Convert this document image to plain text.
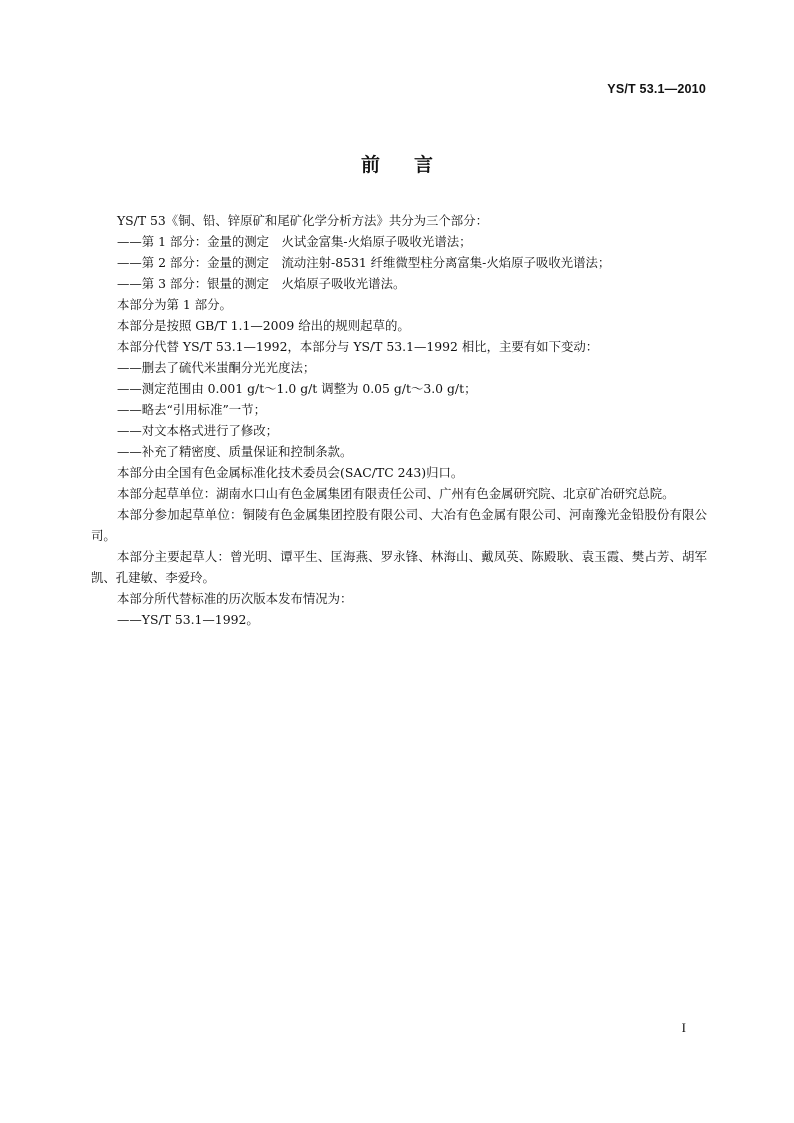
YS/T 53.1—2010
前言

YS/T 53《铜、铅、锌原矿和尾矿化学分析方法》共分为三个部分：

——第 1 部分：金量的测定　火试金富集-火焰原子吸收光谱法；

——第 2 部分：金量的测定　流动注射-8531 纤维微型柱分离富集-火焰原子吸收光谱法；

——第 3 部分：银量的测定　火焰原子吸收光谱法。

本部分为第 1 部分。

本部分是按照 GB/T 1.1—2009 给出的规则起草的。

本部分代替 YS/T 53.1—1992，本部分与 YS/T 53.1—1992 相比，主要有如下变动：

——删去了硫代米蚩酮分光光度法；

——测定范围由 0.001 g/t～1.0 g/t 调整为 0.05 g/t～3.0 g/t；

——略去“引用标准”一节；

——对文本格式进行了修改；

——补充了精密度、质量保证和控制条款。

本部分由全国有色金属标准化技术委员会(SAC/TC 243)归口。

本部分起草单位：湖南水口山有色金属集团有限责任公司、广州有色金属研究院、北京矿冶研究总院。

本部分参加起草单位：铜陵有色金属集团控股有限公司、大冶有色金属有限公司、河南豫光金铅股份有限公司。

本部分主要起草人：曾光明、谭平生、匡海燕、罗永锋、林海山、戴凤英、陈殿耿、袁玉霞、樊占芳、胡军凯、孔建敏、李爱玲。

本部分所代替标准的历次版本发布情况为：

——YS/T 53.1—1992。

I
